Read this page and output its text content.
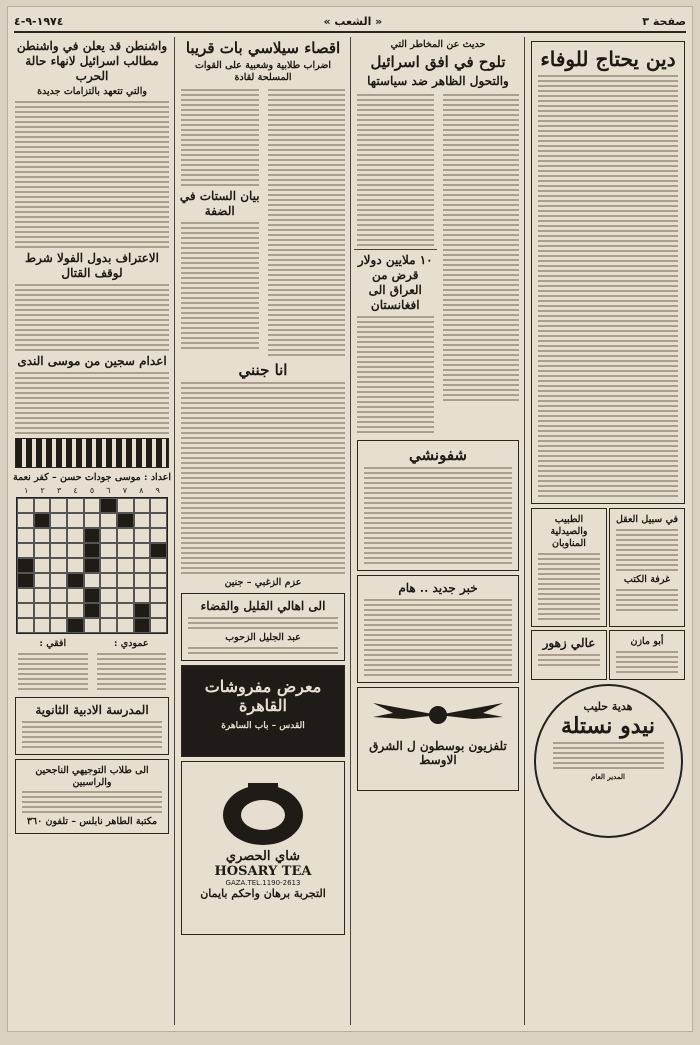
صفحة ٣
« الشعب »
١٩٧٤-٩-٤
دين يحتاج للوفاء
في سبيل العقل
غرفة الكتب
الطبيب والصيدلية المناوبان
أبو مازن
عالي زهور
هدية حليب
نيدو نستلة
المدير العام
حديث عن المخاطر التي
تلوح في افق اسرائيل
والتحول الظاهر ضد سياستها
١٠ ملايين دولار قرض من العراق الى افغانستان
شفونشي
خبر جديد .. هام
تلفزيون بوسطون ل الشرق الاوسط
اقصاء سيلاسي بات قريبا
اضراب طلابية وشعبية على القوات المسلحة لقادة
بيان الستات في الضفة
انا جنني
عزم الزغبي – جنين
الى اهالي القليل والقضاء
عبد الجليل الزحوب
معرض مفروشات القاهرة
القدس – باب الساهرة
شاي الحصري
HOSARY TEA
GAZA.TEL.1190-2613
التجربة برهان واحكم بايمان
واشنطن قد يعلن في واشنطن مطالب اسرائيل لانهاء حالة الحرب
والتي تتعهد بالتزامات جديدة
الاعتراف بدول الفولا شرط لوقف القتال
اعدام سجين من موسى الندى
اعداد : موسى جودات حسن – كفر نعمة
١ ٢ ٣ ٤ ٥ ٦ ٧ ٨ ٩
عمودي :
افقي :
المدرسة الادبية الثانوية
الى طلاب التوجيهي الناجحين والراسبين
مكتبة الطاهر نابلس – تلفون ٣٦٠
